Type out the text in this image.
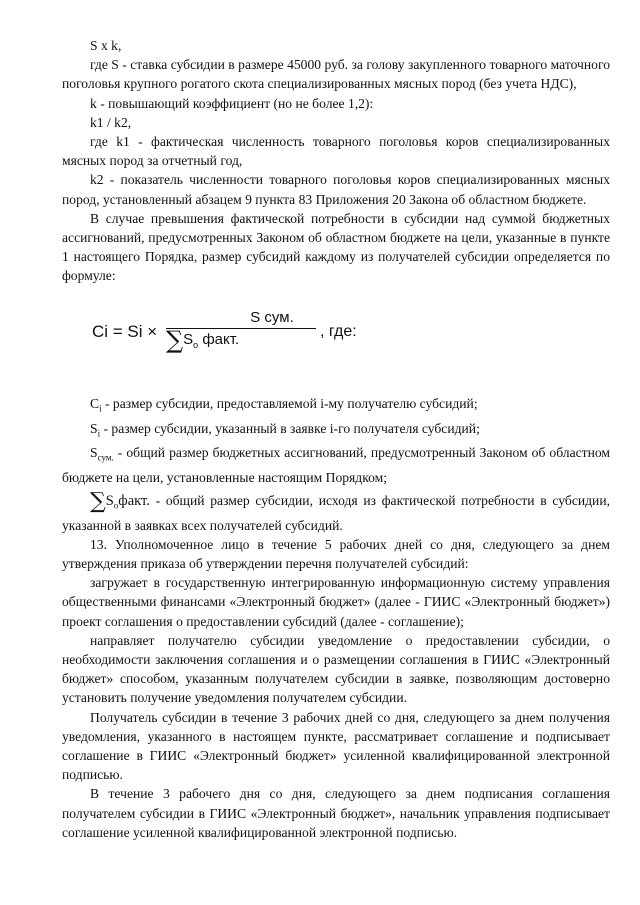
S x k,

где S - ставка субсидии в размере 45000 руб. за голову закупленного товарного маточного поголовья крупного рогатого скота специализированных мясных пород (без учета НДС),

k - повышающий коэффициент (но не более 1,2):

k1 / k2,

где k1 - фактическая численность товарного поголовья коров специализированных мясных пород за отчетный год,

k2 - показатель численности товарного поголовья коров специализированных мясных пород, установленный абзацем 9 пункта 83 Приложения 20 Закона об областном бюджете.

В случае превышения фактической потребности в субсидии над суммой бюджетных ассигнований, предусмотренных Законом об областном бюджете на цели, указанные в пункте 1 настоящего Порядка, размер субсидий каждому из получателей субсидии определяется по формуле:

Ci = Si ×
S сум.
$\sum S_о$ факт.	, где:

$C_i$ - размер субсидии, предоставляемой i-му получателю субсидий;

$S_i$ - размер субсидии, указанный в заявке i-го получателя субсидий;

$S_{сум.}$ - общий размер бюджетных ассигнований, предусмотренный Законом об областном бюджете на цели, установленные настоящим Порядком;

$\sum S_офакт$. - общий размер субсидии, исходя из фактической потребности в субсидии, указанной в заявках всех получателей субсидий.

13. Уполномоченное лицо в течение 5 рабочих дней со дня, следующего за днем утверждения приказа об утверждении перечня получателей субсидий:

загружает в государственную интегрированную информационную систему управления общественными финансами «Электронный бюджет» (далее - ГИИС «Электронный бюджет») проект соглашения о предоставлении субсидий (далее - соглашение);

направляет получателю субсидии уведомление о предоставлении субсидии, о необходимости заключения соглашения и о размещении соглашения в ГИИС «Электронный бюджет» способом, указанным получателем субсидии в заявке, позволяющим достоверно установить получение уведомления получателем субсидии.

Получатель субсидии в течение 3 рабочих дней со дня, следующего за днем получения уведомления, указанного в настоящем пункте, рассматривает соглашение и подписывает соглашение в ГИИС «Электронный бюджет» усиленной квалифицированной электронной подписью.

В течение 3 рабочего дня со дня, следующего за днем подписания соглашения получателем субсидии в ГИИС «Электронный бюджет», начальник управления подписывает соглашение усиленной квалифицированной электронной подписью.
